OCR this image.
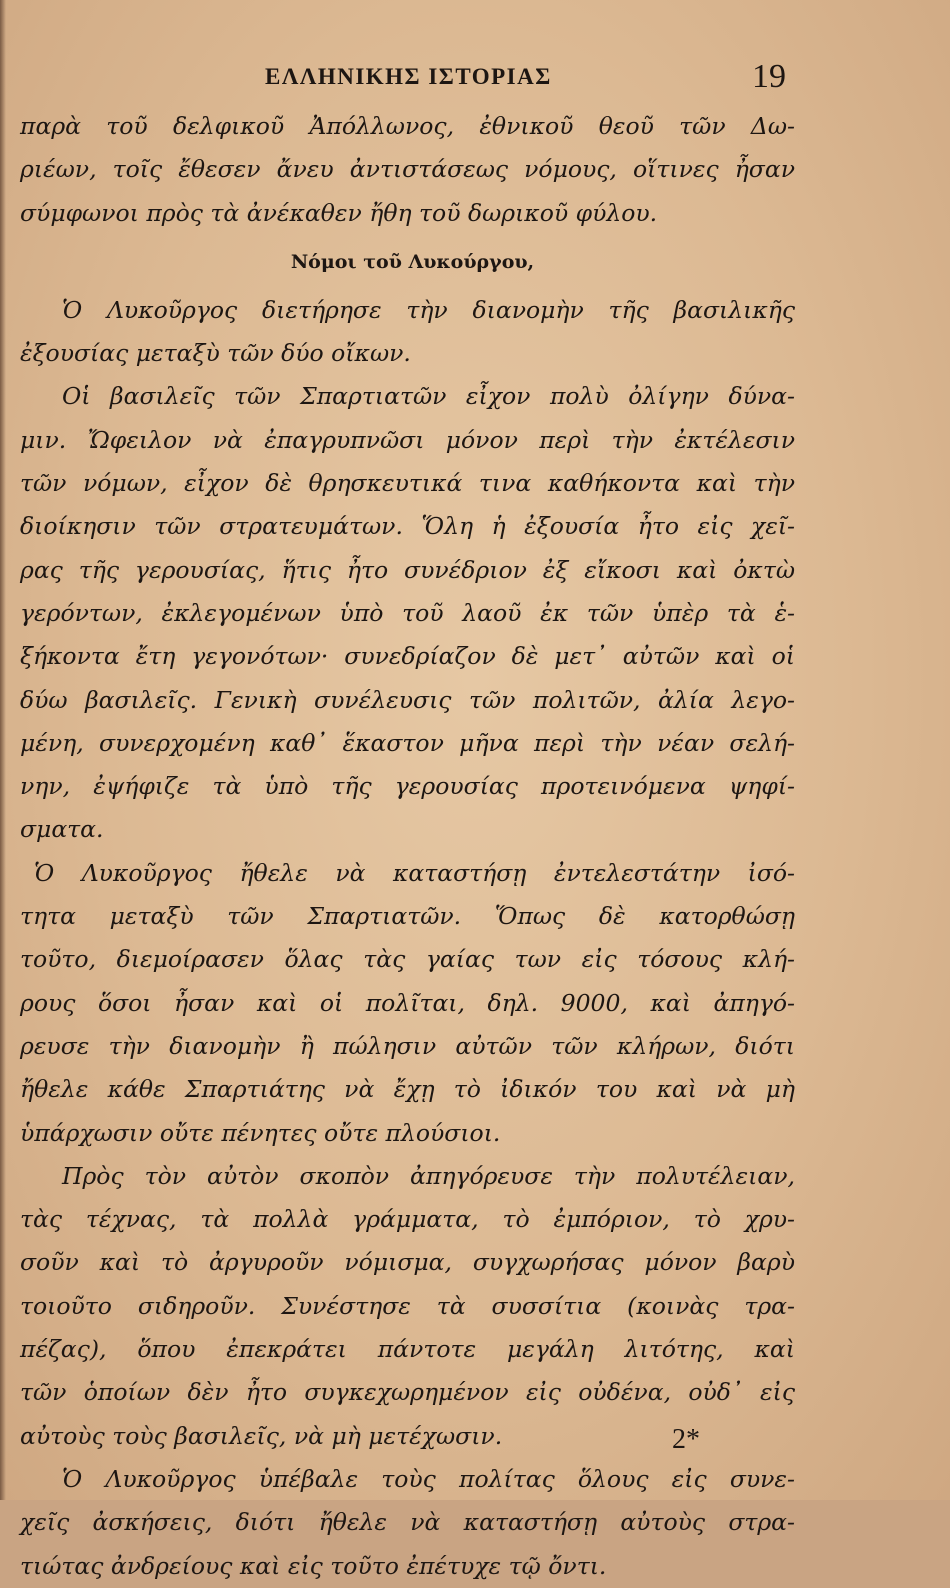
ΕΛΛΗΝΙΚΗΣ ΙΣΤΟΡΙΑΣ	19
παρὰ τοῦ δελφικοῦ Ἀπόλλωνος, ἐθνικοῦ θεοῦ τῶν Δω-
ριέων, τοῖς ἔθεσεν ἄνευ ἀντιστάσεως νόμους, οἵτινες ἦσαν
σύμφωνοι πρὸς τὰ ἀνέκαθεν ἤθη τοῦ δωρικοῦ φύλου.
Νόμοι τοῦ Λυκούργου,
Ὁ Λυκοῦργος διετήρησε τὴν διανομὴν τῆς βασιλικῆς
ἐξουσίας μεταξὺ τῶν δύο οἴκων.
Οἱ βασιλεῖς τῶν Σπαρτιατῶν εἶχον πολὺ ὀλίγην δύνα-
μιν. Ὤφειλον νὰ ἐπαγρυπνῶσι μόνον περὶ τὴν ἐκτέλεσιν
τῶν νόμων, εἶχον δὲ θρησκευτικά τινα καθήκοντα καὶ τὴν
διοίκησιν τῶν στρατευμάτων. Ὅλη ἡ ἐξουσία ἦτο εἰς χεῖ-
ρας τῆς γερουσίας, ἥτις ἦτο συνέδριον ἐξ εἴκοσι καὶ ὀκτὼ
γερόντων, ἐκλεγομένων ὑπὸ τοῦ λαοῦ ἐκ τῶν ὑπὲρ τὰ ἑ-
ξήκοντα ἔτη γεγονότων· συνεδρίαζον δὲ μετ᾽ αὐτῶν καὶ οἱ
δύω βασιλεῖς. Γενικὴ συνέλευσις τῶν πολιτῶν, ἀλία λεγο-
μένη, συνερχομένη καθ᾽ ἕκαστον μῆνα περὶ τὴν νέαν σελή-
νην, ἐψήφιζε τὰ ὑπὸ τῆς γερουσίας προτεινόμενα ψηφί-
σματα.
Ὁ Λυκοῦργος ἤθελε νὰ καταστήσῃ ἐντελεστάτην ἰσό-
τητα μεταξὺ τῶν Σπαρτιατῶν. Ὅπως δὲ κατορθώσῃ
τοῦτο, διεμοίρασεν ὅλας τὰς γαίας των εἰς τόσους κλή-
ρους ὅσοι ἦσαν καὶ οἱ πολῖται, δηλ. 9000, καὶ ἀπηγό-
ρευσε τὴν διανομὴν ἢ πώλησιν αὐτῶν τῶν κλήρων, διότι
ἤθελε κάθε Σπαρτιάτης νὰ ἔχῃ τὸ ἰδικόν του καὶ νὰ μὴ
ὑπάρχωσιν οὔτε πένητες οὔτε πλούσιοι.
Πρὸς τὸν αὐτὸν σκοπὸν ἀπηγόρευσε τὴν πολυτέλειαν,
τὰς τέχνας, τὰ πολλὰ γράμματα, τὸ ἐμπόριον, τὸ χρυ-
σοῦν καὶ τὸ ἀργυροῦν νόμισμα, συγχωρήσας μόνον βαρὺ
τοιοῦτο σιδηροῦν. Συνέστησε τὰ συσσίτια (κοινὰς τρα-
πέζας), ὅπου ἐπεκράτει πάντοτε μεγάλη λιτότης, καὶ
τῶν ὁποίων δὲν ἦτο συγκεχωρημένον εἰς οὐδένα, οὐδ᾽ εἰς
αὐτοὺς τοὺς βασιλεῖς, νὰ μὴ μετέχωσιν.
Ὁ Λυκοῦργος ὑπέβαλε τοὺς πολίτας ὅλους εἰς συνε-
χεῖς ἀσκήσεις, διότι ἤθελε νὰ καταστήσῃ αὐτοὺς στρα-
τιώτας ἀνδρείους καὶ εἰς τοῦτο ἐπέτυχε τῷ ὄντι.
2*
